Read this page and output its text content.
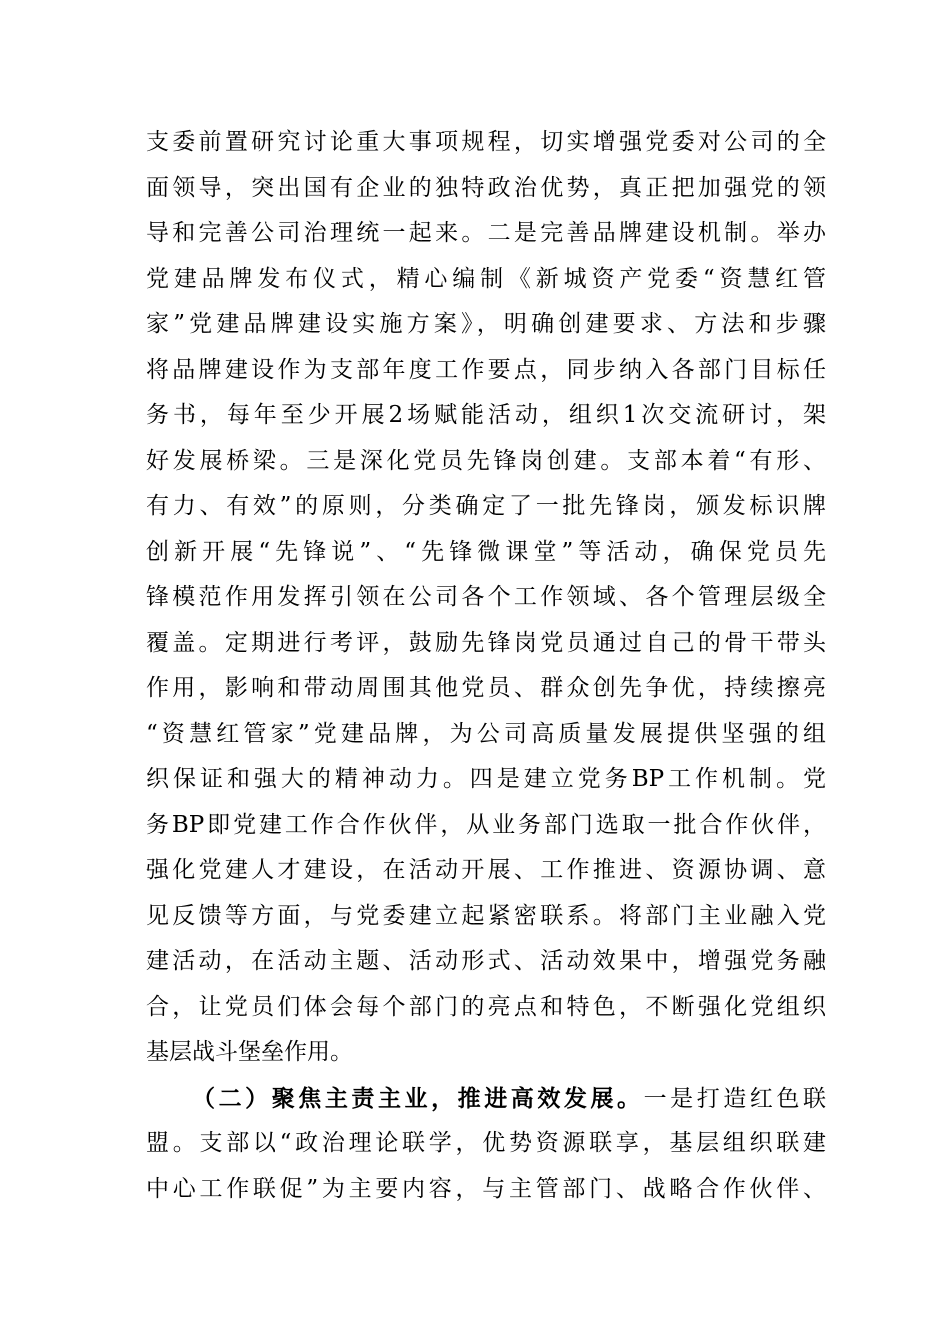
支委前置研究讨论重大事项规程，切实增强党委对公司的全
面领导，突出国有企业的独特政治优势，真正把加强党的领
导和完善公司治理统一起来。二是完善品牌建设机制。举办
党建品牌发布仪式，精心编制《新城资产党委“资慧红管
家”党建品牌建设实施方案》，明确创建要求、方法和步骤
将品牌建设作为支部年度工作要点，同步纳入各部门目标任
务书，每年至少开展2场赋能活动，组织1次交流研讨，架
好发展桥梁。三是深化党员先锋岗创建。支部本着“有形、
有力、有效”的原则，分类确定了一批先锋岗，颁发标识牌
创新开展“先锋说”、“先锋微课堂”等活动，确保党员先
锋模范作用发挥引领在公司各个工作领域、各个管理层级全
覆盖。定期进行考评，鼓励先锋岗党员通过自己的骨干带头
作用，影响和带动周围其他党员、群众创先争优，持续擦亮
“资慧红管家”党建品牌，为公司高质量发展提供坚强的组
织保证和强大的精神动力。四是建立党务BP工作机制。党
务BP即党建工作合作伙伴，从业务部门选取一批合作伙伴，
强化党建人才建设，在活动开展、工作推进、资源协调、意
见反馈等方面，与党委建立起紧密联系。将部门主业融入党
建活动，在活动主题、活动形式、活动效果中，增强党务融
合，让党员们体会每个部门的亮点和特色，不断强化党组织
基层战斗堡垒作用。
（二）聚焦主责主业，推进高效发展。一是打造红色联
盟。支部以“政治理论联学，优势资源联享，基层组织联建
中心工作联促”为主要内容，与主管部门、战略合作伙伴、
